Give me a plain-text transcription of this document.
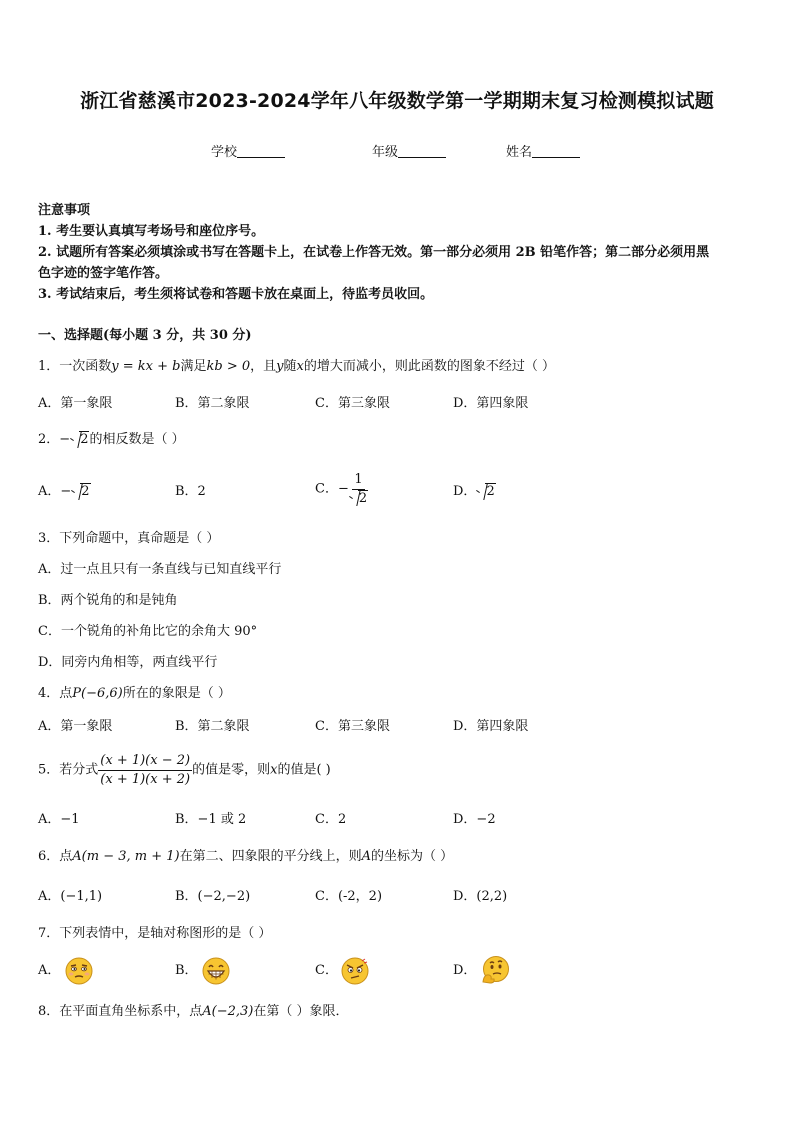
浙江省慈溪市2023-2024学年八年级数学第一学期期末复习检测模拟试题
学校	年级	姓名
注意事项
1. 考生要认真填写考场号和座位序号。
2. 试题所有答案必须填涂或书写在答题卡上，在试卷上作答无效。第一部分必须用 2B 铅笔作答；第二部分必须用黑
色字迹的签字笔作答。
3. 考试结束后，考生须将试卷和答题卡放在桌面上，待监考员收回。
一、选择题(每小题 3 分，共 30 分)
1．一次函数y = kx + b满足kb > 0，且y随x的增大而减小，则此函数的图象不经过（ ）
A．第一象限	B．第二象限	C．第三象限	D．第四象限
2．− 2的相反数是（ ）
A．− 2	B．2	C．− $\frac{1}{2}$	D． 2
3．下列命题中，真命题是（ ）
A．过一点且只有一条直线与已知直线平行
B．两个锐角的和是钝角
C．一个锐角的补角比它的余角大 90°
D．同旁内角相等，两直线平行
4．点P(−6,6)所在的象限是（ ）
A．第一象限	B．第二象限	C．第三象限	D．第四象限
5．若分式 $\frac{(x + 1)(x - 2)}{(x + 1)(x + 2)}$ 的值是零，则x的值是( )
A．−1	B．−1 或 2	C．2	D．−2
6．点A(m − 3, m + 1)在第二、四象限的平分线上，则A的坐标为（ ）
A．(−1,1)	B．(−2,−2)	C．(-2，2)	D．(2,2)
7．下列表情中，是轴对称图形的是（ ）
A．	B．	C．	D．
8．在平面直角坐标系中，点A(−2,3)在第（ ）象限．
